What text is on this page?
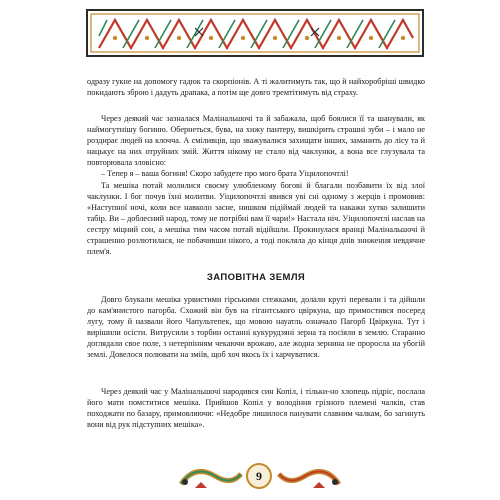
одразу гукне на допомогу гадюк та скорпіонів. А ті жалитимуть так, що й найхоробріші швидко покидають зброю і дадуть драпака, а потім ще довго тремтітимуть від страху.

Через деякий час зазналася Малінальшочі та й забажала, щоб боялися її та шанували, як наймогутнішу богиню. Обернеться, бува, на хижу пантеру, вишкірить страшні зуби – і мало не роздирає людей на клочча. А сміливців, що зважувалися захищати інших, заманить до лісу та й нацькує на них отруйних змій. Життя нікому не стало від чаклунки, а вона все глузувала та повторювала зловісно:

– Тепер я – ваша богиня! Скоро забудете про мого брата Уіцилопочтлі!

Та мешіка потай молилися своєму улюбленому богові й благали позбавити їх від злої чаклунки. І бог почув їхні молитви. Уіцилопочтлі явився уві сні одному з жерців і промовив: «Наступної ночі, коли все навколо засне, нишком підіймай людей та накажи хутко залишити табір. Ви – доблесний народ, тому не потрібні вам її чари!» Настала ніч. Уіцилопочтлі наслав на сестру міцний сон, а мешіка тим часом потай відійшли. Прокинулася вранці Малінальшочі й страшенно розлютилася, не побачивши нікого, а тоді покляла до кінця днів зниження невдячне плем'я.

ЗАПОВІТНА ЗЕМЛЯ

Довго блукали мешіка урвистими гірськими стежками, долали круті перевали і та дійшли до кам'янистого пагорба. Схожий він був на гігантського цвіркуна, що примостився посеред лугу, тому й назвали його Чапультепек, що мовою науатль означало Пагорб Цвіркуна. Тут і вирішили осісти. Витрусили з торбин останні кукурудзяні зерна та посіяли в землю. Старанно доглядали свое поле, з нетерпінням чекаючи врожаю, але жодна зернина не проросла на убогій землі. Довелося полювати на зміїв, щоб хоч якось їх і харчуватися.

Через деякий час у Малінальшочі народився син Копіл, і тільки-но хлопець підріс, послала його мати помститися мешіка. Прийшов Копіл у володіння грізного племені чалків, став походжати по базару, примовляючи: «Недобре лишилося панувати славним чалкам, бо загинуть вони від рук підступних мешіка».

9
